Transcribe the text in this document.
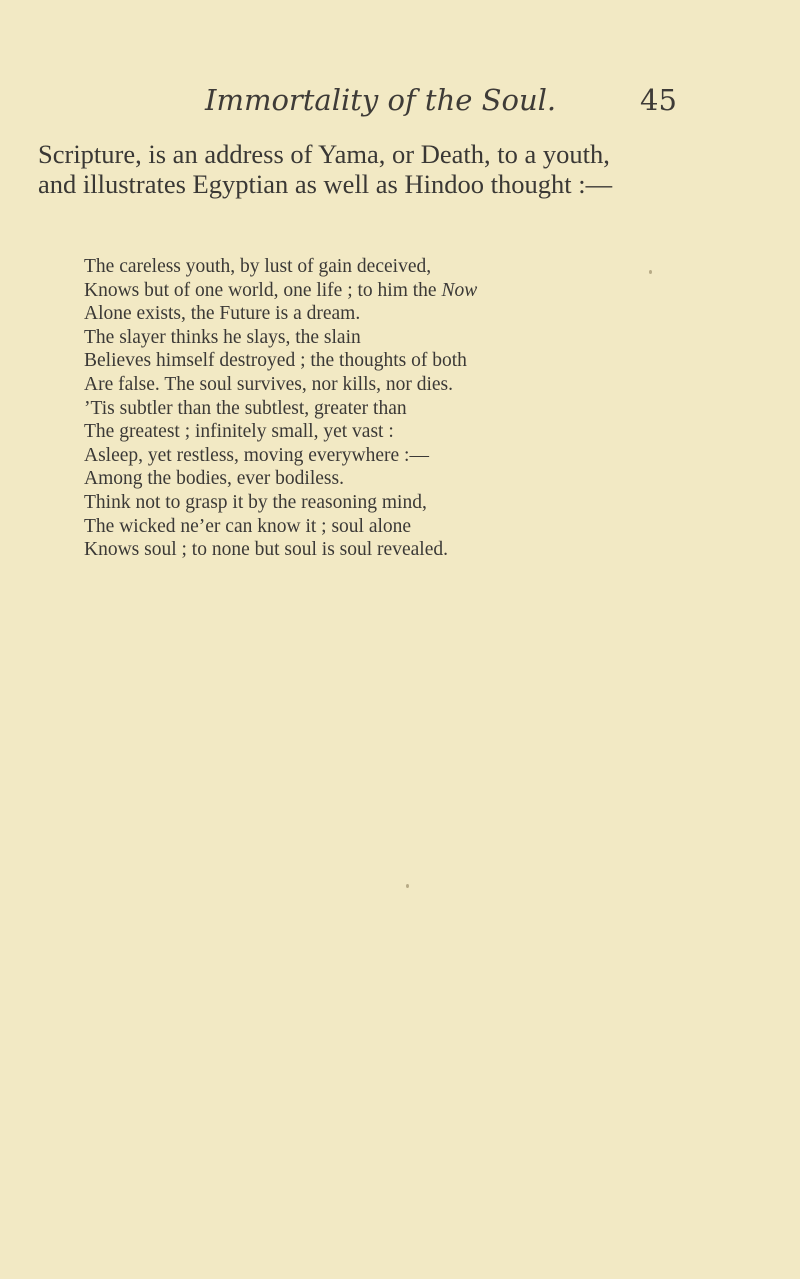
Immortality of the Soul.	45

Scripture, is an address of Yama, or Death, to a youth,
and illustrates Egyptian as well as Hindoo thought :—

The careless youth, by lust of gain deceived,
Knows but of one world, one life ; to him the Now
Alone exists, the Future is a dream.
The slayer thinks he slays, the slain
Believes himself destroyed ; the thoughts of both
Are false. The soul survives, nor kills, nor dies.
’Tis subtler than the subtlest, greater than
The greatest ; infinitely small, yet vast :
Asleep, yet restless, moving everywhere :—
Among the bodies, ever bodiless.
Think not to grasp it by the reasoning mind,
The wicked ne’er can know it ; soul alone
Knows soul ; to none but soul is soul revealed.
